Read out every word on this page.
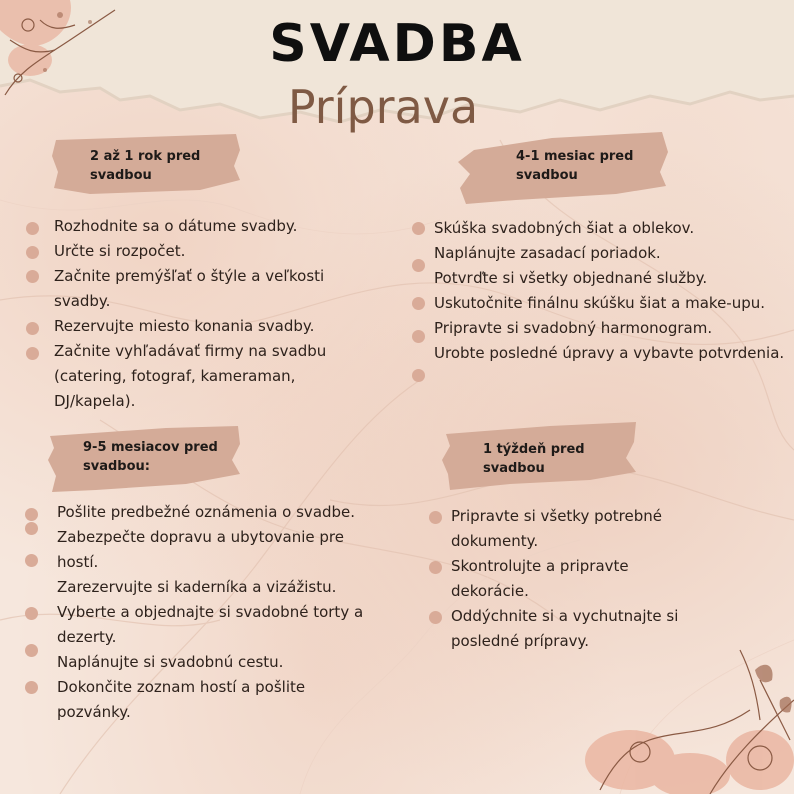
SVADBA
Príprava
2 až 1 rok pred
svadbou
Rozhodnite sa o dátume svadby.
Určte si rozpočet.
Začnite premýšľať o štýle a veľkosti svadby.
Rezervujte miesto konania svadby.
Začnite vyhľadávať firmy na svadbu (catering, fotograf, kameraman, DJ/kapela).
4-1 mesiac pred
svadbou
Skúška svadobných šiat a oblekov.
Naplánujte zasadací poriadok.
Potvrďte si všetky objednané služby.
Uskutočnite finálnu skúšku šiat a make-upu.
Pripravte si svadobný harmonogram.
Urobte posledné úpravy a vybavte potvrdenia.
9-5 mesiacov pred
svadbou:
Pošlite predbežné oznámenia o svadbe.
Zabezpečte dopravu a ubytovanie pre hostí.
Zarezervujte si kaderníka a vizážistu.
Vyberte a objednajte si svadobné torty a dezerty.
Naplánujte si svadobnú cestu.
Dokončite zoznam hostí a pošlite pozvánky.
1 týždeň pred
svadbou
Pripravte si všetky potrebné dokumenty.
Skontrolujte a pripravte dekorácie.
Oddýchnite si a vychutnajte si posledné prípravy.
